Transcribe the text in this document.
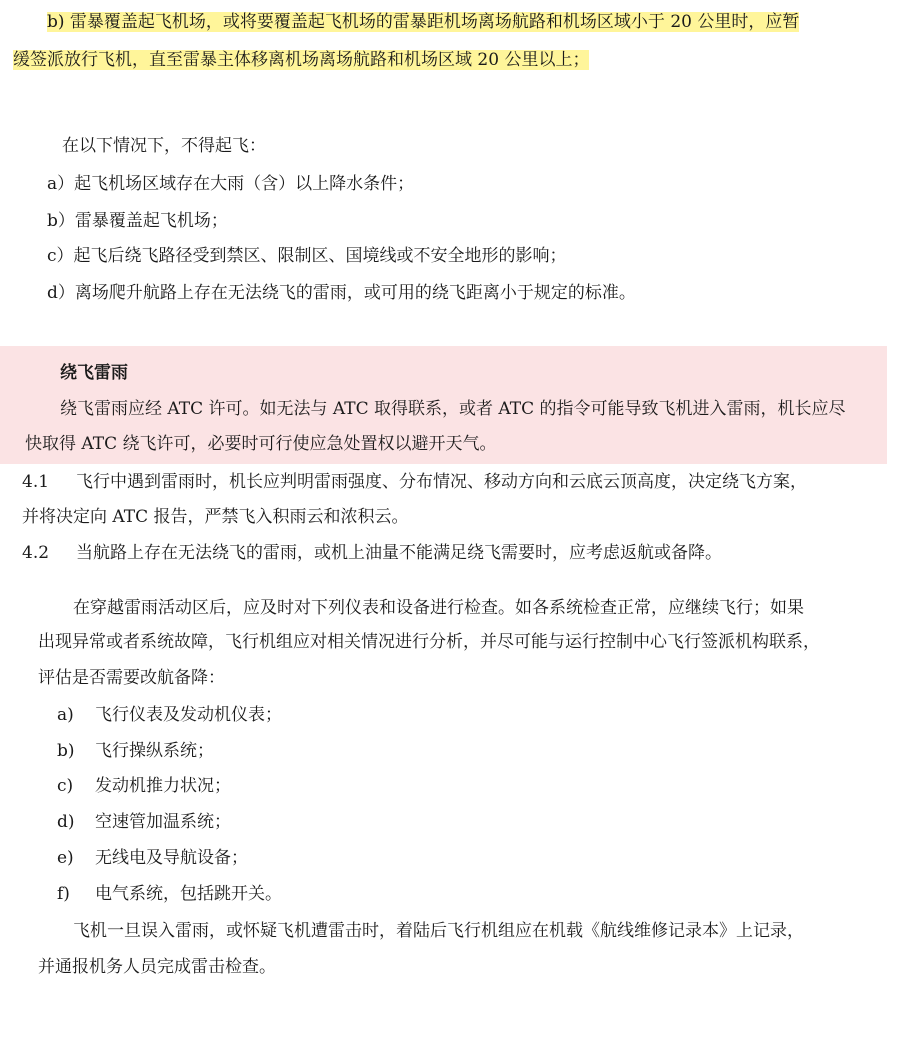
b) 雷暴覆盖起飞机场，或将要覆盖起飞机场的雷暴距机场离场航路和机场区域小于 20 公里时，应暂
缓签派放行飞机，直至雷暴主体移离机场离场航路和机场区域 20 公里以上；
在以下情况下，不得起飞：
a）起飞机场区域存在大雨（含）以上降水条件；
b）雷暴覆盖起飞机场；
c）起飞后绕飞路径受到禁区、限制区、国境线或不安全地形的影响；
d）离场爬升航路上存在无法绕飞的雷雨，或可用的绕飞距离小于规定的标准。
绕飞雷雨
绕飞雷雨应经 ATC 许可。如无法与 ATC 取得联系，或者 ATC 的指令可能导致飞机进入雷雨，机长应尽
快取得 ATC 绕飞许可，必要时可行使应急处置权以避开天气。
4.1 飞行中遇到雷雨时，机长应判明雷雨强度、分布情况、移动方向和云底云顶高度，决定绕飞方案，
并将决定向 ATC 报告，严禁飞入积雨云和浓积云。
4.2 当航路上存在无法绕飞的雷雨，或机上油量不能满足绕飞需要时，应考虑返航或备降。
在穿越雷雨活动区后，应及时对下列仪表和设备进行检查。如各系统检查正常，应继续飞行；如果
出现异常或者系统故障，飞行机组应对相关情况进行分析，并尽可能与运行控制中心飞行签派机构联系，
评估是否需要改航备降：
a) 飞行仪表及发动机仪表；
b) 飞行操纵系统；
c) 发动机推力状况；
d) 空速管加温系统；
e) 无线电及导航设备；
f) 电气系统，包括跳开关。
飞机一旦误入雷雨，或怀疑飞机遭雷击时，着陆后飞行机组应在机载《航线维修记录本》上记录，
并通报机务人员完成雷击检查。
